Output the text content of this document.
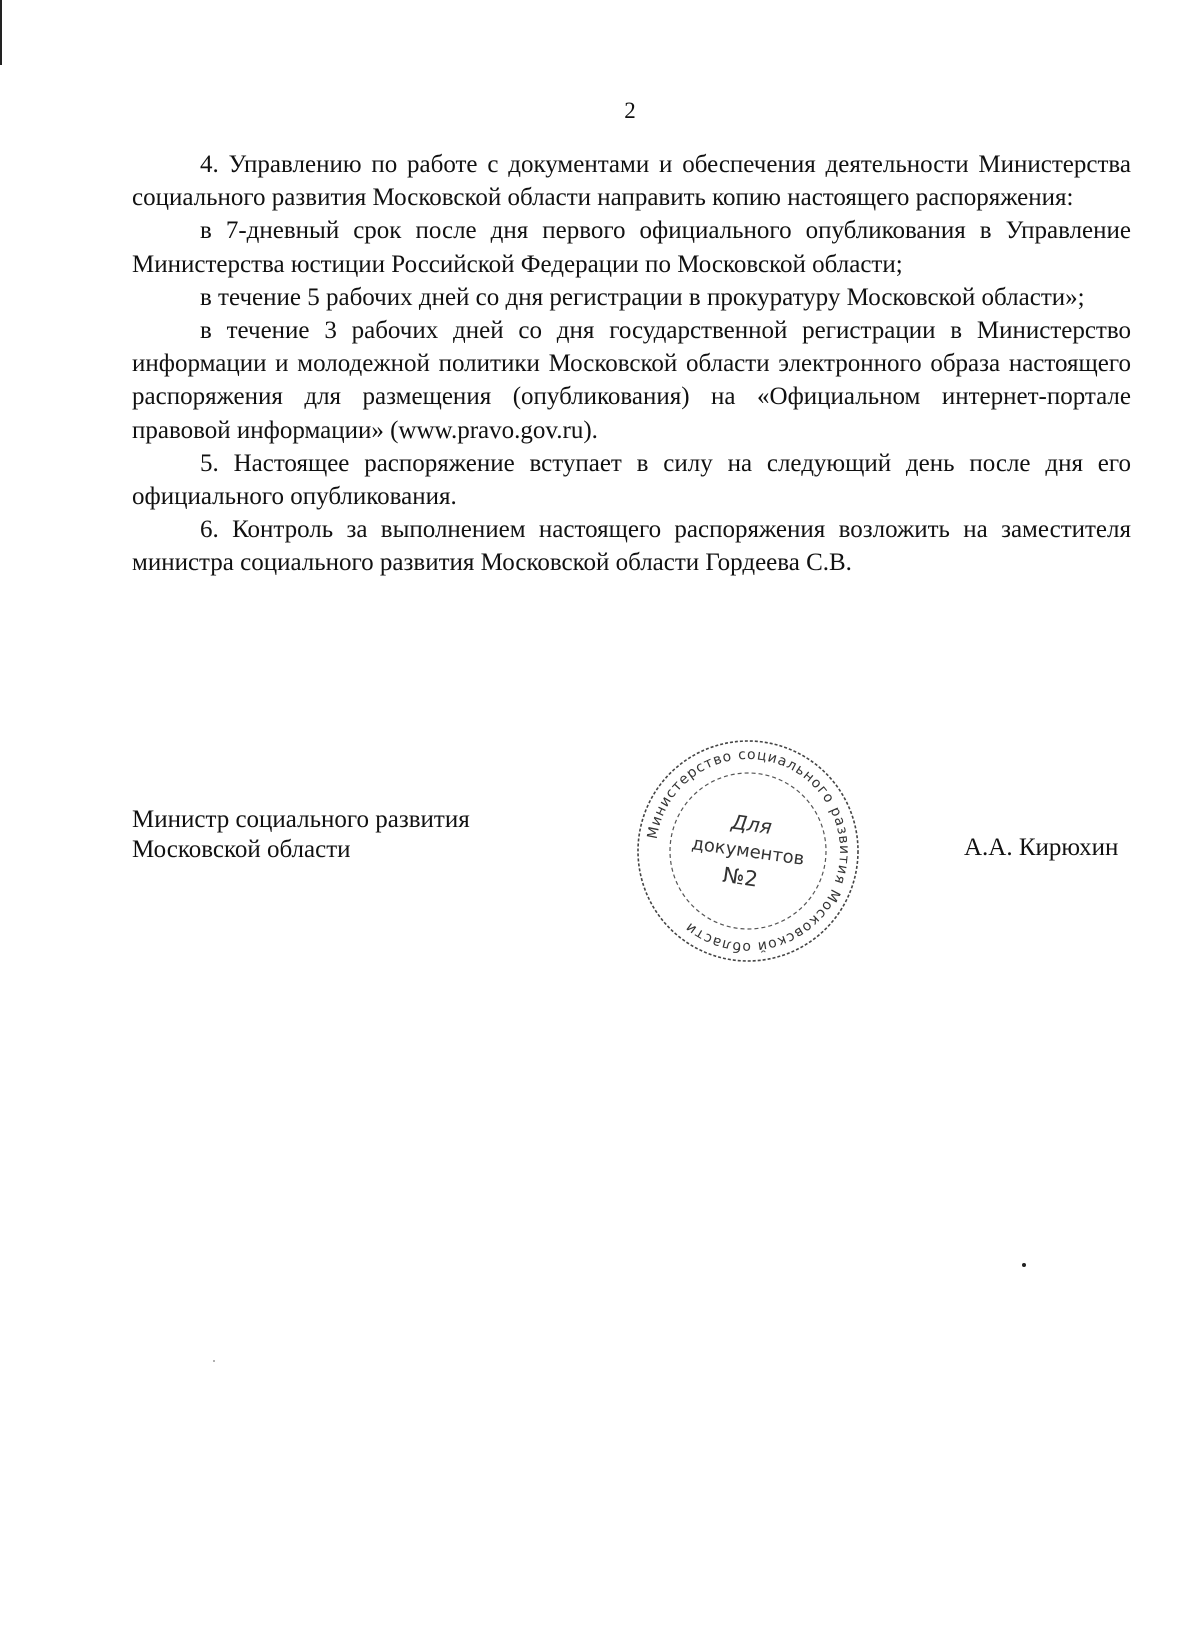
2

4. Управлению по работе с документами и обеспечения деятельности Министерства социального развития Московской области направить копию настоящего распоряжения:

в 7-дневный срок после дня первого официального опубликования в Управление Министерства юстиции Российской Федерации по Московской области;

в течение 5 рабочих дней со дня регистрации в прокуратуру Московской области»;

в течение 3 рабочих дней со дня государственной регистрации в Министерство информации и молодежной политики Московской области электронного образа настоящего распоряжения для размещения (опубликования) на «Официальном интернет-портале правовой информации» (www.pravo.gov.ru).

5. Настоящее распоряжение вступает в силу на следующий день после дня его официального опубликования.

6. Контроль за выполнением настоящего распоряжения возложить на заместителя министра социального развития Московской области Гордеева С.В.

Министр социального развития
Московской области	А.А. Кирюхин
Министерство социального развития Московской области
Для
документов
№2
